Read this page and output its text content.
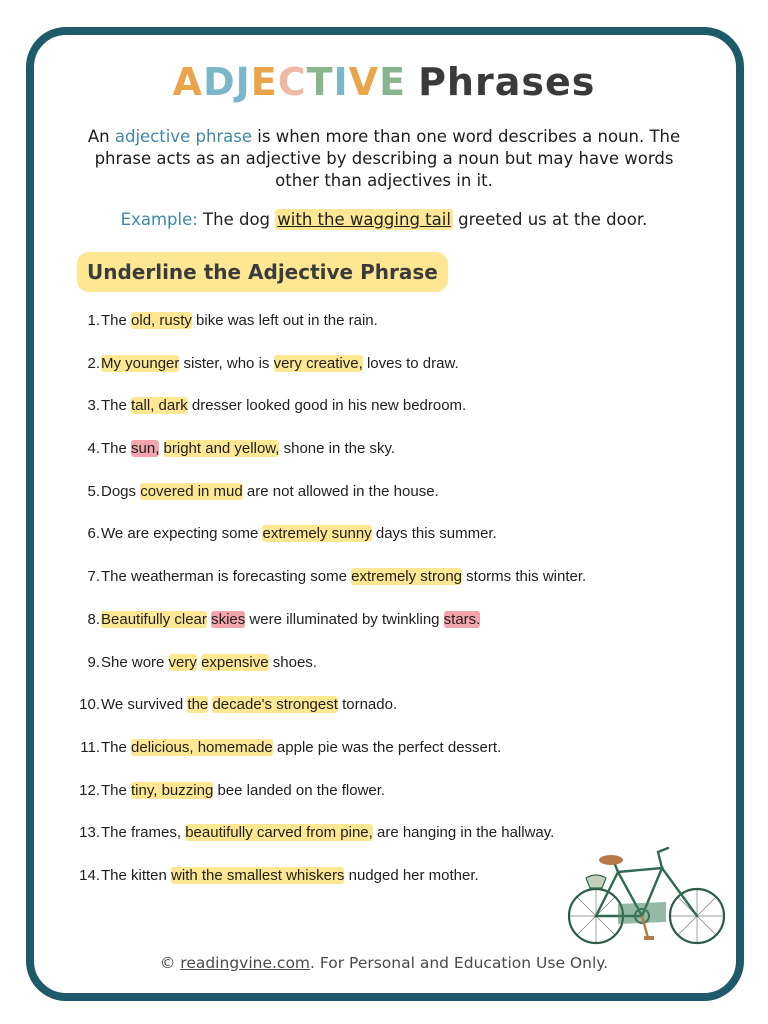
ADJECTIVE Phrases
An adjective phrase is when more than one word describes a noun. The phrase acts as an adjective by describing a noun but may have words other than adjectives in it.
Example: The dog with the wagging tail greeted us at the door.
Underline the Adjective Phrase
1. The old, rusty bike was left out in the rain.
2. My younger sister, who is very creative, loves to draw.
3. The tall, dark dresser looked good in his new bedroom.
4. The sun, bright and yellow, shone in the sky.
5. Dogs covered in mud are not allowed in the house.
6. We are expecting some extremely sunny days this summer.
7. The weatherman is forecasting some extremely strong storms this winter.
8. Beautifully clear skies were illuminated by twinkling stars.
9. She wore very expensive shoes.
10. We survived the decade's strongest tornado.
11. The delicious, homemade apple pie was the perfect dessert.
12. The tiny, buzzing bee landed on the flower.
13. The frames, beautifully carved from pine, are hanging in the hallway.
14. The kitten with the smallest whiskers nudged her mother.
© readingvine.com. For Personal and Education Use Only.
